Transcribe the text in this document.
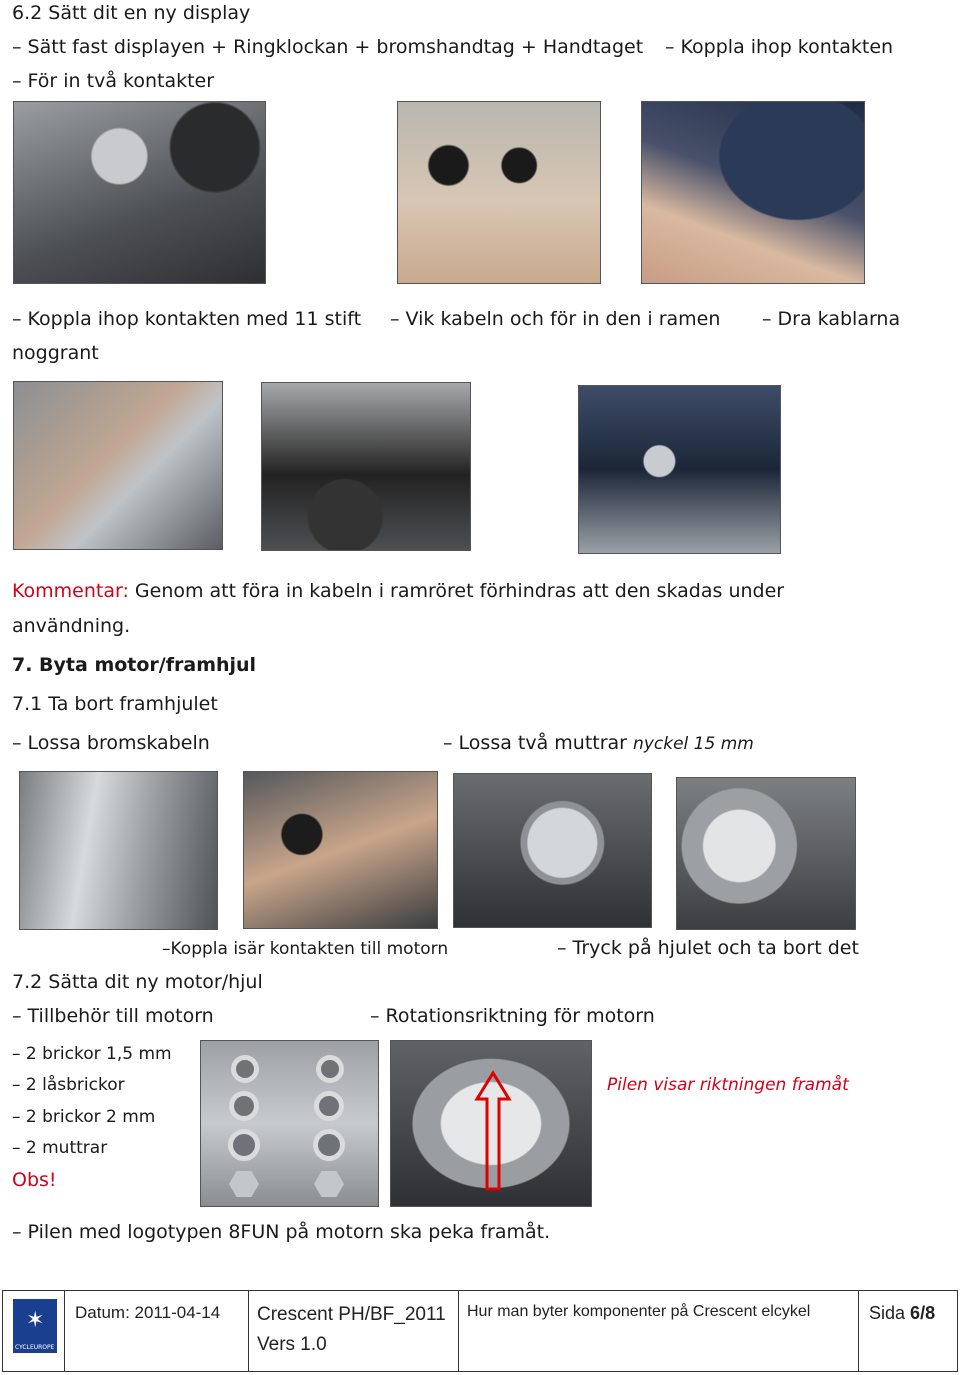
6.2 Sätt dit en ny display
– Sätt fast displayen + Ringklockan + bromshandtag + Handtaget – Koppla ihop kontakten
– För in två kontakter
– Koppla ihop kontakten med 11 stift – Vik kabeln och för in den i ramen – Dra kablarna
noggrant
Kommentar: Genom att föra in kabeln i ramröret förhindras att den skadas under
användning.
7. Byta motor/framhjul
7.1 Ta bort framhjulet
– Lossa bromskabeln	– Lossa två muttrar nyckel 15 mm
–Koppla isär kontakten till motorn	– Tryck på hjulet och ta bort det
7.2 Sätta dit ny motor/hjul
– Tillbehör till motorn	– Rotationsriktning för motorn
– 2 brickor 1,5 mm
– 2 låsbrickor
– 2 brickor 2 mm
– 2 muttrar
Obs!
Pilen visar riktningen framåt
– Pilen med logotypen 8FUN på motorn ska peka framåt.
✶
CYCLEUROPE
Datum: 2011-04-14 Crescent PH/BF_2011
Vers 1.0
Hur man byter komponenter på Crescent elcykel	Sida 6/8
